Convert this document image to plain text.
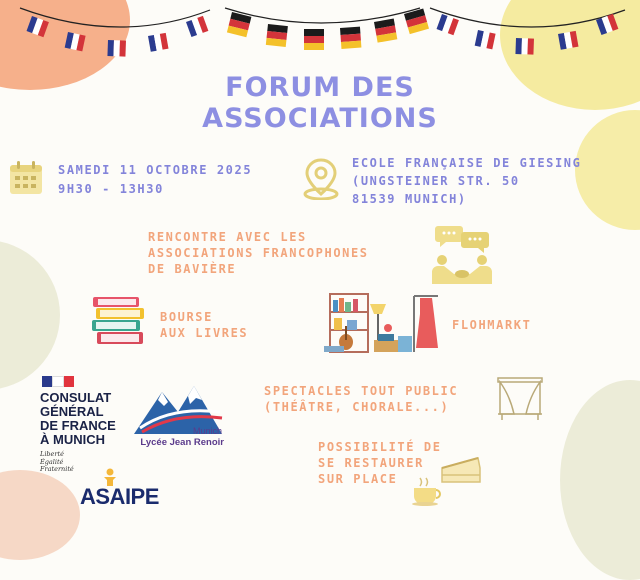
FORUM DES
ASSOCIATIONS
SAMEDI 11 OCTOBRE 2025
9H30 - 13H30
ECOLE FRANÇAISE DE GIESING
(UNGSTEINER STR. 50
81539 MUNICH)
RENCONTRE AVEC LES
ASSOCIATIONS FRANCOPHONES
DE BAVIÈRE
BOURSE
AUX LIVRES
FLOHMARKT
CONSULAT
GÉNÉRAL
DE FRANCE
À MUNICH
Liberté
Égalité
Fraternité
Munich
Lycée Jean Renoir
ASAIPE
SPECTACLES TOUT PUBLIC
(THÉÂTRE, CHORALE...)
POSSIBILITÉ DE
SE RESTAURER
SUR PLACE
